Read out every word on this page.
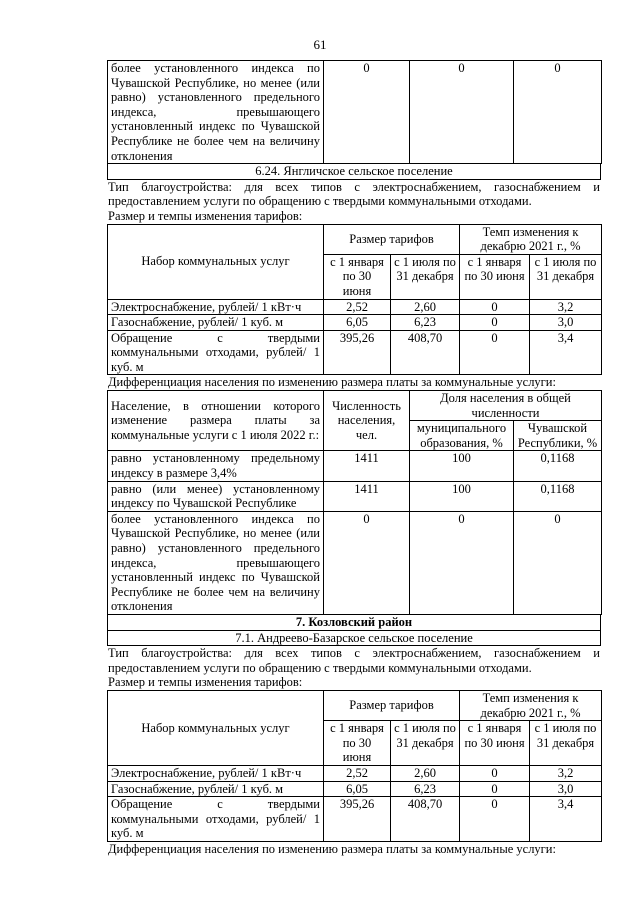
61
более установленного индекса по Чувашской Республике, но менее (или равно) установленного предельного индекса, превышающего установленный индекс по Чувашской Республике не более чем на величину отклонения	0	0	0
6.24. Янгличское сельское поселение
Тип благоустройства: для всех типов с электроснабжением, газоснабжением и предоставлением услуги по обращению с твердыми коммунальными отходами.
Размер и темпы изменения тарифов:
Набор коммунальных услуг	Размер тарифов		Темп изменения к декабрю 2021 г., %	
	с 1 января по 30 июня	с 1 июля по 31 декабря	с 1 января по 30 июня	с 1 июля по 31 декабря
Электроснабжение, рублей/ 1 кВт·ч	2,52	2,60	0	3,2
Газоснабжение, рублей/ 1 куб. м	6,05	6,23	0	3,0
Обращение с твердыми коммунальными отходами, рублей/ 1 куб. м	395,26	408,70	0	3,4
Дифференциация населения по изменению размера платы за коммунальные услуги:
Население, в отношении которого изменение размера платы за коммунальные услуги с 1 июля 2022 г.:	Численность населения, чел.	Доля населения в общей численности	
		муниципального образования, %	Чувашской Республики, %
равно установленному предельному индексу в размере 3,4%	1411	100	0,1168
равно (или менее) установленному индексу по Чувашской Республике	1411	100	0,1168
более установленного индекса по Чувашской Республике, но менее (или равно) установленного предельного индекса, превышающего установленный индекс по Чувашской Республике не более чем на величину отклонения	0	0	0
7. Козловский район
7.1. Андреево-Базарское сельское поселение
Тип благоустройства: для всех типов с электроснабжением, газоснабжением и предоставлением услуги по обращению с твердыми коммунальными отходами.
Размер и темпы изменения тарифов:
Набор коммунальных услуг	Размер тарифов		Темп изменения к декабрю 2021 г., %	
	с 1 января по 30 июня	с 1 июля по 31 декабря	с 1 января по 30 июня	с 1 июля по 31 декабря
Электроснабжение, рублей/ 1 кВт·ч	2,52	2,60	0	3,2
Газоснабжение, рублей/ 1 куб. м	6,05	6,23	0	3,0
Обращение с твердыми коммунальными отходами, рублей/ 1 куб. м	395,26	408,70	0	3,4
Дифференциация населения по изменению размера платы за коммунальные услуги:
